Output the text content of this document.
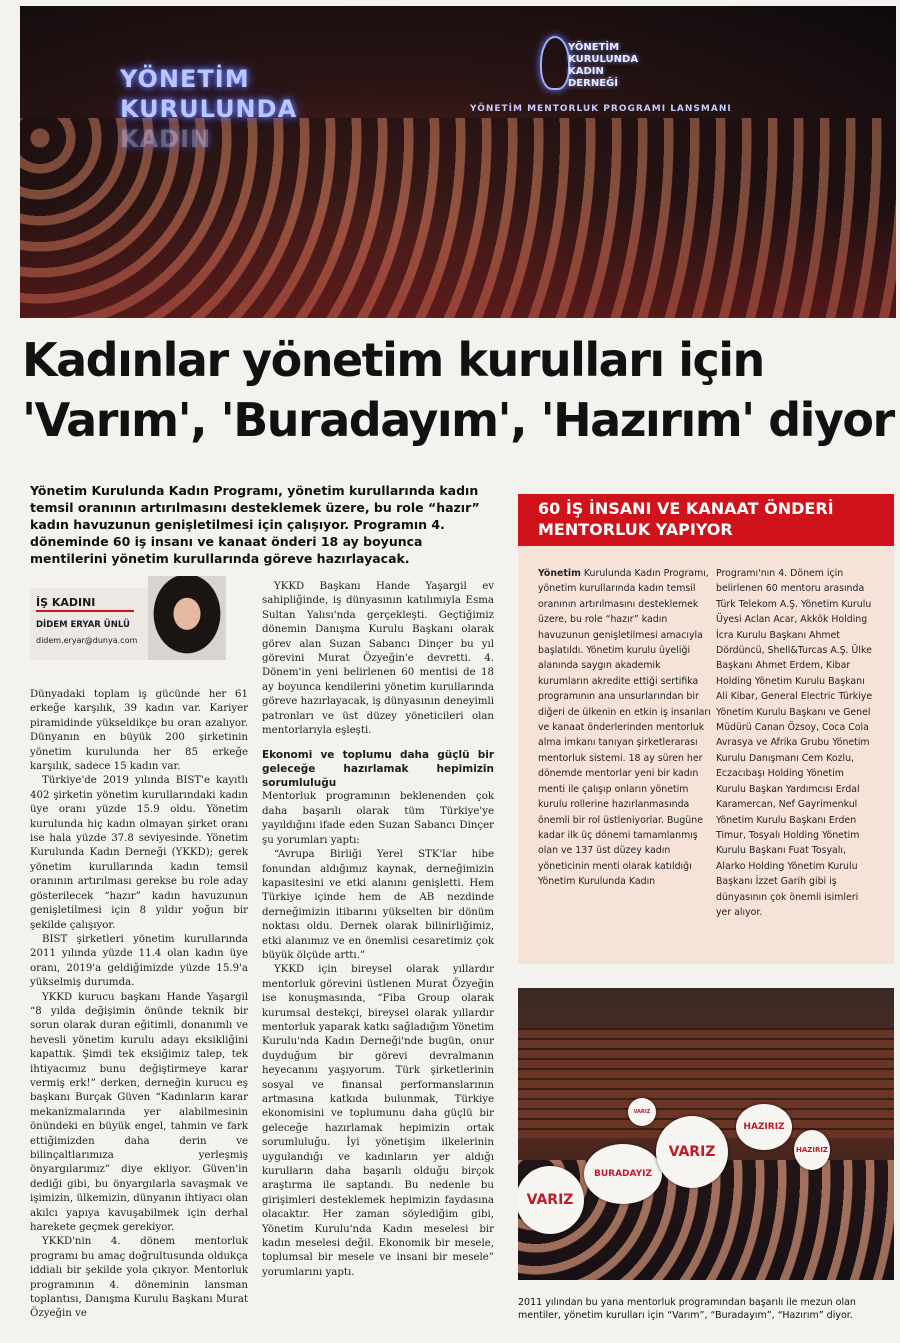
YÖNETİM
KURULUNDA
KADIN
YÖNETİM
KURULUNDA
KADIN
DERNEĞİ
YÖNETİM MENTORLUK PROGRAMI LANSMANI
Kadınlar yönetim kurulları için
'Varım', 'Buradayım', 'Hazırım' diyor
Yönetim Kurulunda Kadın Programı, yönetim kurullarında kadın temsil oranının artırılmasını desteklemek üzere, bu role “hazır” kadın havuzunun genişletilmesi için çalışıyor. Programın 4. döneminde 60 iş insanı ve kanaat önderi 18 ay boyunca mentilerini yönetim kurullarında göreve hazırlayacak.
İŞ KADINI
DİDEM ERYAR ÜNLÜ
didem.eryar@dunya.com

Dünyadaki toplam iş gücünde her 61 erkeğe karşılık, 39 kadın var. Kariyer piramidinde yükseldikçe bu oran azalıyor. Dünyanın en büyük 200 şirketinin yönetim kurulunda her 85 erkeğe karşılık, sadece 15 kadın var.

Türkiye'de 2019 yılında BIST'e kayıtlı 402 şirketin yönetim kurullarındaki kadın üye oranı yüzde 15.9 oldu. Yönetim kurulunda hiç kadın olmayan şirket oranı ise hala yüzde 37.8 seviyesinde. Yönetim Kurulunda Kadın Derneği (YKKD); gerek yönetim kurullarında kadın temsil oranının artırılması gerekse bu role aday gösterilecek “hazır” kadın havuzunun genişletilmesi için 8 yıldır yoğun bir şekilde çalışıyor.

BIST şirketleri yönetim kurullarında 2011 yılında yüzde 11.4 olan kadın üye oranı, 2019'a geldiğimizde yüzde 15.9'a yükselmiş durumda.

YKKD kurucu başkanı Hande Yaşargil “8 yılda değişimin önünde teknik bir sorun olarak duran eğitimli, donanımlı ve hevesli yönetim kurulu adayı eksikliğini kapattık. Şimdi tek eksiğimiz talep, tek ihtiyacımız bunu değiştirmeye karar vermiş erk!” derken, derneğin kurucu eş başkanı Burçak Güven “Kadınların karar mekanizmalarında yer alabilmesinin önündeki en büyük engel, tahmin ve fark ettiğimizden daha derin ve bilinçaltlarımıza yerleşmiş önyargılarımız” diye ekliyor. Güven'in dediği gibi, bu önyargılarla savaşmak ve işimizin, ülkemizin, dünyanın ihtiyacı olan akılcı yapıya kavuşabilmek için derhal harekete geçmek gerekiyor.

YKKD'nin 4. dönem mentorluk programı bu amaç doğrultusunda oldukça iddialı bir şekilde yola çıkıyor. Mentorluk programının 4. döneminin lansman toplantısı, Danışma Kurulu Başkanı Murat Özyeğin ve

YKKD Başkanı Hande Yaşargil ev sahipliğinde, iş dünyasının katılımıyla Esma Sultan Yalısı'nda gerçekleşti. Geçtiğimiz dönemin Danışma Kurulu Başkanı olarak görev alan Suzan Sabancı Dinçer bu yıl görevini Murat Özyeğin'e devretti. 4. Dönem'in yeni belirlenen 60 mentisi de 18 ay boyunca kendilerini yönetim kurullarında göreve hazırlayacak, iş dünyasının deneyimli patronları ve üst düzey yöneticileri olan mentorlarıyla eşleşti.

Ekonomi ve toplumu daha güçlü bir geleceğe hazırlamak hepimizin sorumluluğu

Mentorluk programının beklenenden çok daha başarılı olarak tüm Türkiye'ye yayıldığını ifade eden Suzan Sabancı Dinçer şu yorumları yaptı:

“Avrupa Birliği Yerel STK'lar hibe fonundan aldığımız kaynak, derneğimizin kapasitesini ve etki alanını genişletti. Hem Türkiye içinde hem de AB nezdinde derneğimizin itibarını yükselten bir dönüm noktası oldu. Dernek olarak bilinirliğimiz, etki alanımız ve en önemlisi cesaretimiz çok büyük ölçüde arttı.”

YKKD için bireysel olarak yıllardır mentorluk görevini üstlenen Murat Özyeğin ise konuşmasında, “Fiba Group olarak kurumsal destekçi, bireysel olarak yıllardır mentorluk yaparak katkı sağladığım Yönetim Kurulu'nda Kadın Derneği'nde bugün, onur duyduğum bir görevi devralmanın heyecanını yaşıyorum. Türk şirketlerinin sosyal ve finansal performanslarının artmasına katkıda bulunmak, Türkiye ekonomisini ve toplumunu daha güçlü bir geleceğe hazırlamak hepimizin ortak sorumluluğu. İyi yönetişim ilkelerinin uygulandığı ve kadınların yer aldığı kurulların daha başarılı olduğu birçok araştırma ile saptandı. Bu nedenle bu girişimleri desteklemek hepimizin faydasına olacaktır. Her zaman söylediğim gibi, Yönetim Kurulu'nda Kadın meselesi bir kadın meselesi değil. Ekonomik bir mesele, toplumsal bir mesele ve insani bir mesele” yorumlarını yaptı.

60 İŞ İNSANI VE KANAAT ÖNDERİ MENTORLUK YAPIYOR

Yönetim Kurulunda Kadın Programı, yönetim kurullarında kadın temsil oranının artırılmasını desteklemek üzere, bu role “hazır” kadın havuzunun genişletilmesi amacıyla başlatıldı. Yönetim kurulu üyeliği alanında saygın akademik kurumların akredite ettiği sertifika programının ana unsurlarından bir diğeri de ülkenin en etkin iş insanları ve kanaat önderlerinden mentorluk alma imkanı tanıyan şirketlerarası mentorluk sistemi. 18 ay süren her dönemde mentorlar yeni bir kadın menti ile çalışıp onların yönetim kurulu rollerine hazırlanmasında önemli bir rol üstleniyorlar. Bugüne kadar ilk üç dönemi tamamlanmış olan ve 137 üst düzey kadın yöneticinin menti olarak katıldığı Yönetim Kurulunda Kadın

Programı'nın 4. Dönem için belirlenen 60 mentoru arasında Türk Telekom A.Ş. Yönetim Kurulu Üyesi Aclan Acar, Akkök Holding İcra Kurulu Başkanı Ahmet Dördüncü, Shell&Turcas A.Ş. Ülke Başkanı Ahmet Erdem, Kibar Holding Yönetim Kurulu Başkanı Ali Kibar, General Electric Türkiye Yönetim Kurulu Başkanı ve Genel Müdürü Canan Özsoy, Coca Cola Avrasya ve Afrika Grubu Yönetim Kurulu Danışmanı Cem Kozlu, Eczacıbaşı Holding Yönetim Kurulu Başkan Yardımcısı Erdal Karamercan, Nef Gayrimenkul Yönetim Kurulu Başkanı Erden Timur, Tosyalı Holding Yönetim Kurulu Başkanı Fuat Tosyalı, Alarko Holding Yönetim Kurulu Başkanı İzzet Garih gibi iş dünyasının çok önemli isimleri yer alıyor.

VARIZ
BURADAYIZ
VARIZ
HAZIRIZ
VARIZ
HAZIRIZ
2011 yılından bu yana mentorluk programından başarılı ile mezun olan mentiler, yönetim kurulları için “Varım”, “Buradayım”, “Hazırım” diyor.
